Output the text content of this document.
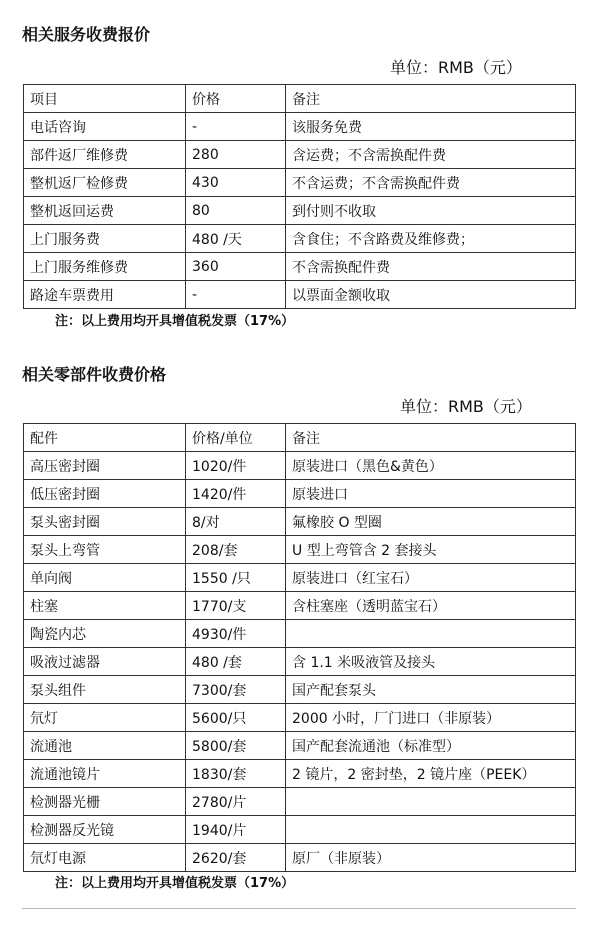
相关服务收费报价
单位：RMB（元）
项目	价格	备注
电话咨询	-	该服务免费
部件返厂维修费	280	含运费；不含需换配件费
整机返厂检修费	430	不含运费；不含需换配件费
整机返回运费	80	到付则不收取
上门服务费	480 /天	含食住；不含路费及维修费；
上门服务维修费	360	不含需换配件费
路途车票费用	-	以票面金额收取
注：以上费用均开具增值税发票（17%）
相关零部件收费价格
单位：RMB（元）
配件	价格/单位	备注
高压密封圈	1020/件	原装进口（黑色&黄色）
低压密封圈	1420/件	原装进口
泵头密封圈	8/对	氟橡胶 O 型圈
泵头上弯管	208/套	U 型上弯管含 2 套接头
单向阀	1550 /只	原装进口（红宝石）
柱塞	1770/支	含柱塞座（透明蓝宝石）
陶瓷内芯	4930/件	
吸液过滤器	480 /套	含 1.1 米吸液管及接头
泵头组件	7300/套	国产配套泵头
氘灯	5600/只	2000 小时，厂门进口（非原装）
流通池	5800/套	国产配套流通池（标准型）
流通池镜片	1830/套	2 镜片，2 密封垫，2 镜片座（PEEK）
检测器光栅	2780/片	
检测器反光镜	1940/片	
氘灯电源	2620/套	原厂（非原装）
注：以上费用均开具增值税发票（17%）
